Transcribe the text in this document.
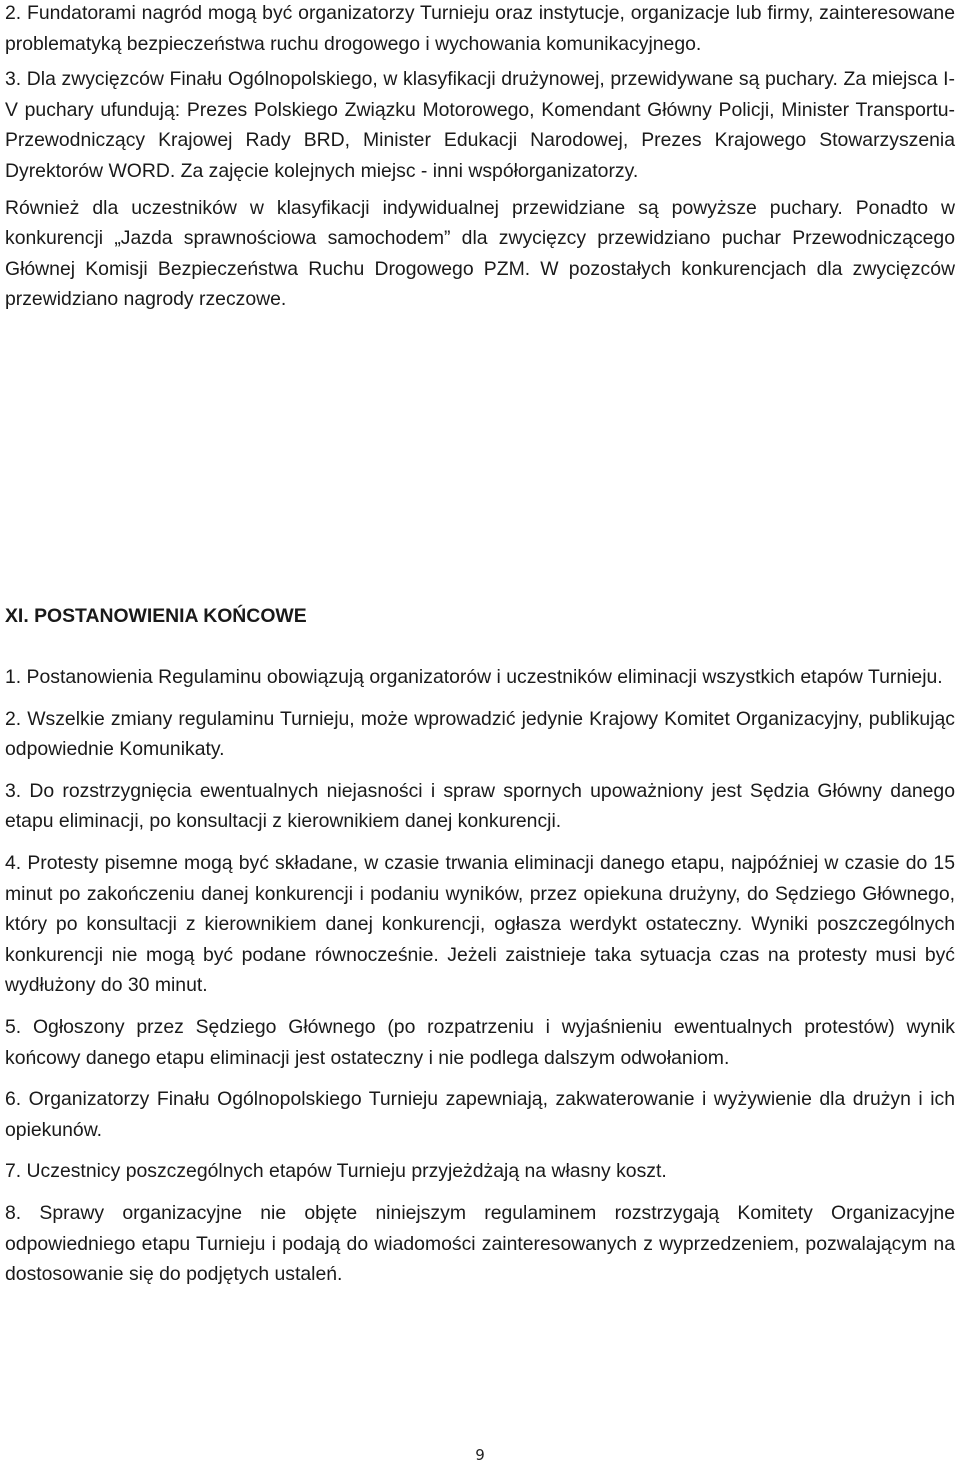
2. Fundatorami nagród mogą być organizatorzy Turnieju oraz instytucje, organizacje lub firmy, zainteresowane problematyką bezpieczeństwa ruchu drogowego i wychowania komunikacyjnego.

3. Dla zwycięzców Finału Ogólnopolskiego, w klasyfikacji drużynowej, przewidywane są puchary. Za miejsca I-V puchary ufundują: Prezes Polskiego Związku Motorowego, Komendant Główny Policji, Minister Transportu- Przewodniczący Krajowej Rady BRD, Minister Edukacji Narodowej, Prezes Krajowego Stowarzyszenia Dyrektorów WORD. Za zajęcie kolejnych miejsc - inni współorganizatorzy.

Również dla uczestników w klasyfikacji indywidualnej przewidziane są powyższe puchary. Ponadto w konkurencji „Jazda sprawnościowa samochodem” dla zwycięzcy przewidziano puchar Przewodniczącego Głównej Komisji Bezpieczeństwa Ruchu Drogowego PZM. W pozostałych konkurencjach dla zwycięzców przewidziano nagrody rzeczowe.

XI. POSTANOWIENIA KOŃCOWE

1. Postanowienia Regulaminu obowiązują organizatorów i uczestników eliminacji wszystkich etapów Turnieju.

2. Wszelkie zmiany regulaminu Turnieju, może wprowadzić jedynie Krajowy Komitet Organizacyjny, publikując odpowiednie Komunikaty.

3. Do rozstrzygnięcia ewentualnych niejasności i spraw spornych upoważniony jest Sędzia Główny danego etapu eliminacji, po konsultacji z kierownikiem danej konkurencji.

4. Protesty pisemne mogą być składane, w czasie trwania eliminacji danego etapu, najpóźniej w czasie do 15 minut po zakończeniu danej konkurencji i podaniu wyników, przez opiekuna drużyny, do Sędziego Głównego, który po konsultacji z kierownikiem danej konkurencji, ogłasza werdykt ostateczny. Wyniki poszczególnych konkurencji nie mogą być podane równocześnie. Jeżeli zaistnieje taka sytuacja czas na protesty musi być wydłużony do 30 minut.

5. Ogłoszony przez Sędziego Głównego (po rozpatrzeniu i wyjaśnieniu ewentualnych protestów) wynik końcowy danego etapu eliminacji jest ostateczny i nie podlega dalszym odwołaniom.

6. Organizatorzy Finału Ogólnopolskiego Turnieju zapewniają, zakwaterowanie i wyżywienie dla drużyn i ich opiekunów.

7. Uczestnicy poszczególnych etapów Turnieju przyjeżdżają na własny koszt.

8. Sprawy organizacyjne nie objęte niniejszym regulaminem rozstrzygają Komitety Organizacyjne odpowiedniego etapu Turnieju i podają do wiadomości zainteresowanych z wyprzedzeniem, pozwalającym na dostosowanie się do podjętych ustaleń.

9
